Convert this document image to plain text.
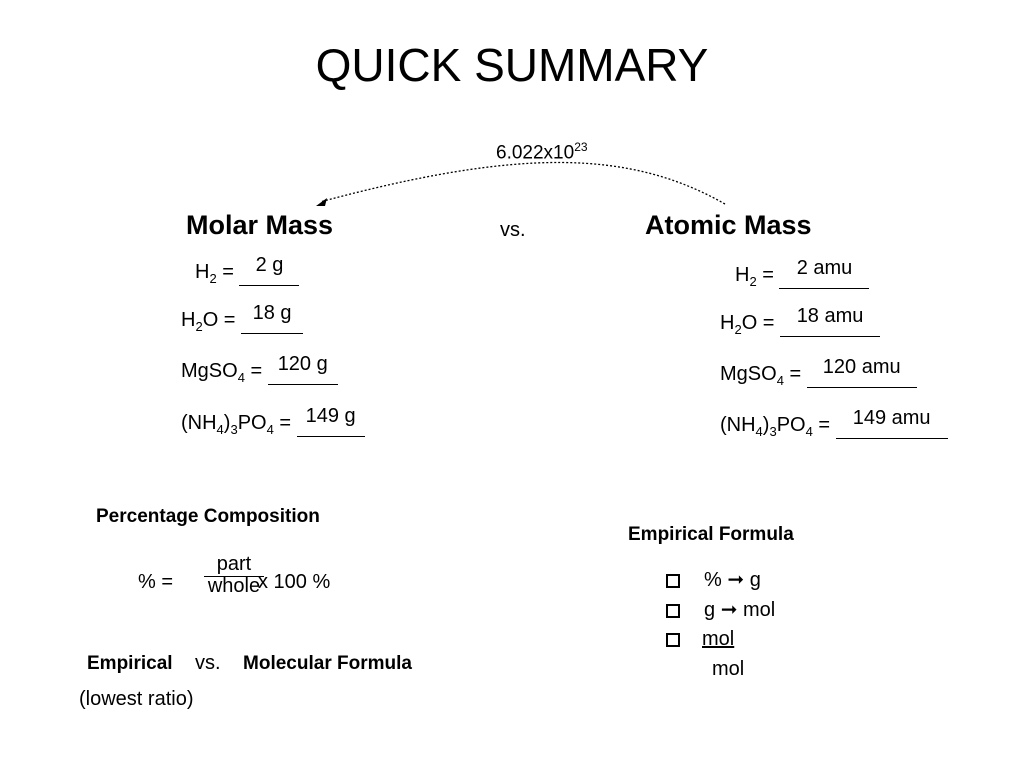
QUICK SUMMARY
$6.022x10^{23}$
Molar Mass	vs.	Atomic Mass
$H_2 = 2$ g
$H_2O = 18$ g
MgSO$_4$ = 120 g
$(NH_4)_3PO_4 = 149$ g
$H_2 = 2$ amu
$H_2O = 18$ amu
MgSO$_4$ = 120 amu
$(NH_4)_3PO_4 = 149$ amu
Percentage Composition
% =
part
whole
x 100 %
Empirical vs. Molecular Formula
(lowest ratio)
Empirical Formula
% ➞ g
g ➞ mol
mol
mol
